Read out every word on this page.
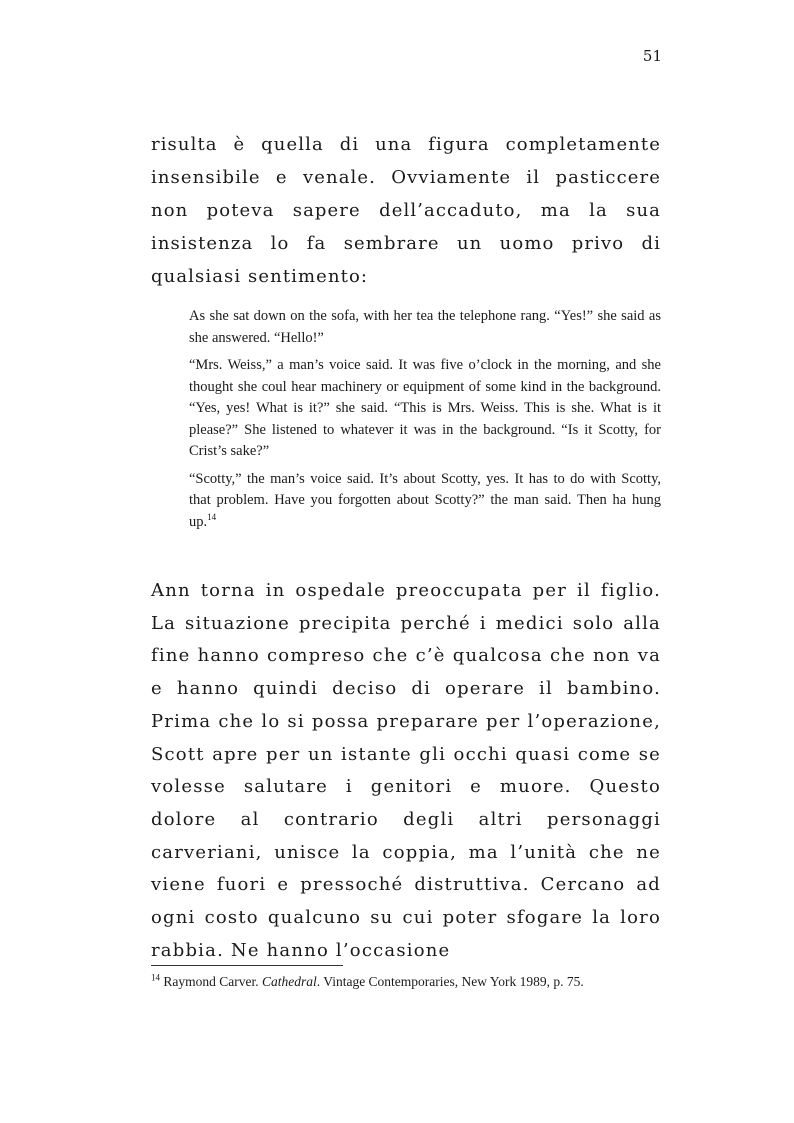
51

risulta è quella di una figura completamente insensibile e venale. Ovviamente il pasticcere non poteva sapere dell’accaduto, ma la sua insistenza lo fa sembrare un uomo privo di qualsiasi sentimento:

As she sat down on the sofa, with her tea the telephone rang. “Yes!” she said as she answered. “Hello!”

“Mrs. Weiss,” a man’s voice said. It was five o’clock in the morning, and she thought she coul hear machinery or equipment of some kind in the background. “Yes, yes! What is it?” she said. “This is Mrs. Weiss. This is she. What is it please?” She listened to whatever it was in the background. “Is it Scotty, for Crist’s sake?”

“Scotty,” the man’s voice said. It’s about Scotty, yes. It has to do with Scotty, that problem. Have you forgotten about Scotty?” the man said. Then ha hung up.$^{14}$

Ann torna in ospedale preoccupata per il figlio. La situazione precipita perché i medici solo alla fine hanno compreso che c’è qualcosa che non va e hanno quindi deciso di operare il bambino. Prima che lo si possa preparare per l’operazione, Scott apre per un istante gli occhi quasi come se volesse salutare i genitori e muore. Questo dolore al contrario degli altri personaggi carveriani, unisce la coppia, ma l’unità che ne viene fuori e pressoché distruttiva. Cercano ad ogni costo qualcuno su cui poter sfogare la loro rabbia. Ne hanno l’occasione

$^{14}$ Raymond Carver. Cathedral. Vintage Contemporaries, New York 1989, p. 75.
